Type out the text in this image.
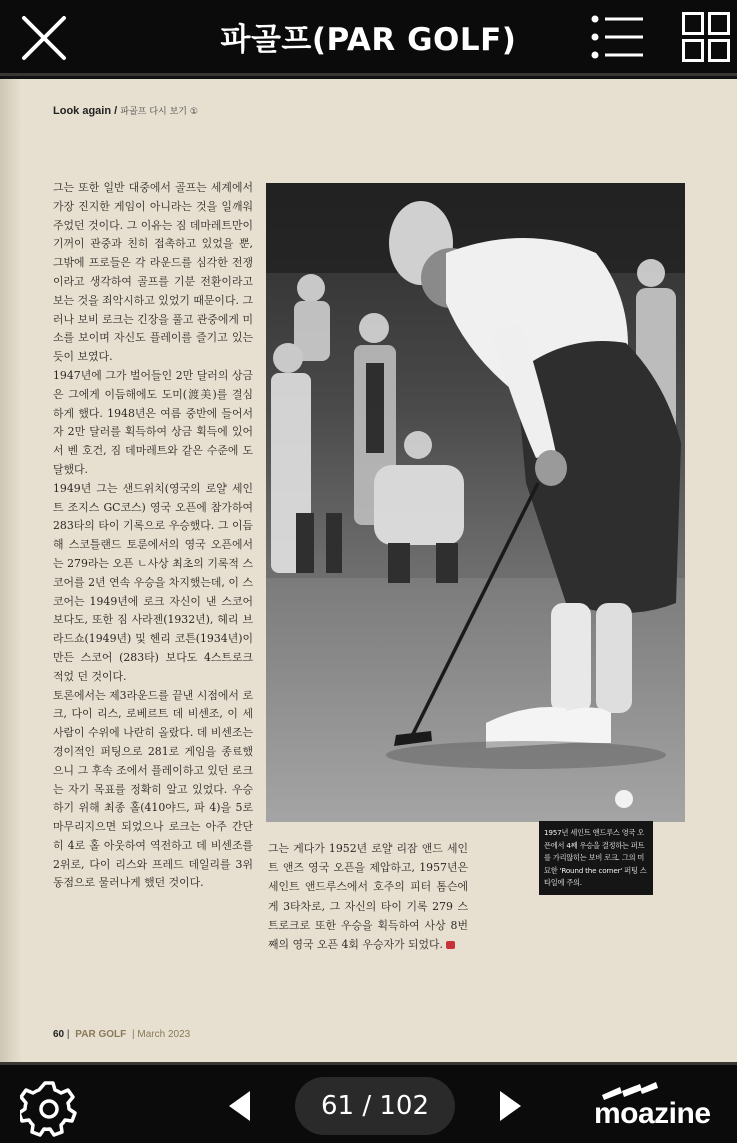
파골프(PAR GOLF)
Look again / 파골프 다시 보기 ①

그는 또한 일반 대중에서 골프는 세계에서 가장 진지한 게임이 아니라는 것을 일깨워 주었던 것이다. 그 이유는 짐 데마레트만이 기꺼이 관중과 친히 접촉하고 있었을 뿐, 그밖에 프로들은 각 라운드를 심각한 전쟁이라고 생각하여 골프를 기분 전환이라고 보는 것을 죄악시하고 있었기 때문이다. 그러나 보비 로크는 긴장을 풀고 관중에게 미소를 보이며 자신도 플레이를 즐기고 있는 듯이 보였다.

1947년에 그가 벌어들인 2만 달러의 상금은 그에게 이듬해에도 도미(渡美)를 결심하게 했다. 1948년은 여름 중반에 들어서자 2만 달러를 획득하여 상금 획득에 있어서 벤 호건, 짐 데마레트와 같은 수준에 도달했다.

1949년 그는 샌드위치(영국의 로얄 세인트 조지스 GC코스) 영국 오픈에 참가하여 283타의 타이 기록으로 우승했다. 그 이듬해 스코틀랜드 토룬에서의 영국 오픈에서는 279라는 오픈 ㄴ사상 최초의 기록적 스코어를 2년 연속 우승을 차지했는데, 이 스코어는 1949년에 로크 자신이 낸 스코어보다도, 또한 짐 사라젠(1932년), 헤리 브라드쇼(1949년) 및 헨리 코튼(1934년)이 만든 스코어 (283타) 보다도 4스트로크 적었 던 것이다.

토론에서는 제3라운드를 끝낸 시점에서 로크, 다이 리스, 로베르트 데 비센조, 이 세사람이 수위에 나란히 올랐다. 데 비센조는 경이적인 퍼팅으로 281로 게임을 종료했으니 그 후속 조에서 플레이하고 있던 로크는 자기 목표를 정확히 알고 있었다. 우승하기 위해 최종 홀(410야드, 파 4)을 5로 마무리지으면 되었으나 로크는 아주 간단히 4로 홀 아웃하여 역전하고 데 비센조를 2위로, 다이 리스와 프레드 데일리를 3위 동점으로 물러나게 했던 것이다.

1957년 세인트 앤드루스 영국 오픈에서 4째 우승을 결정하는 퍼트를 가리않히는 보비 로크. 그의 미묘한 'Round the corner' 퍼팅 스타일에 주의.

그는 게다가 1952년 로얄 리잠 앤드 세인트 앤즈 영국 오픈을 제압하고, 1957년은 세인트 앤드루스에서 호주의 피터 톰슨에게 3타차로, 그 자신의 타이 기록 279 스트로크로 또한 우승을 획득하여 사상 8번째의 영국 오픈 4회 우승자가 되었다.

60 | PAR GOLF | March 2023
61 / 102	moazine
